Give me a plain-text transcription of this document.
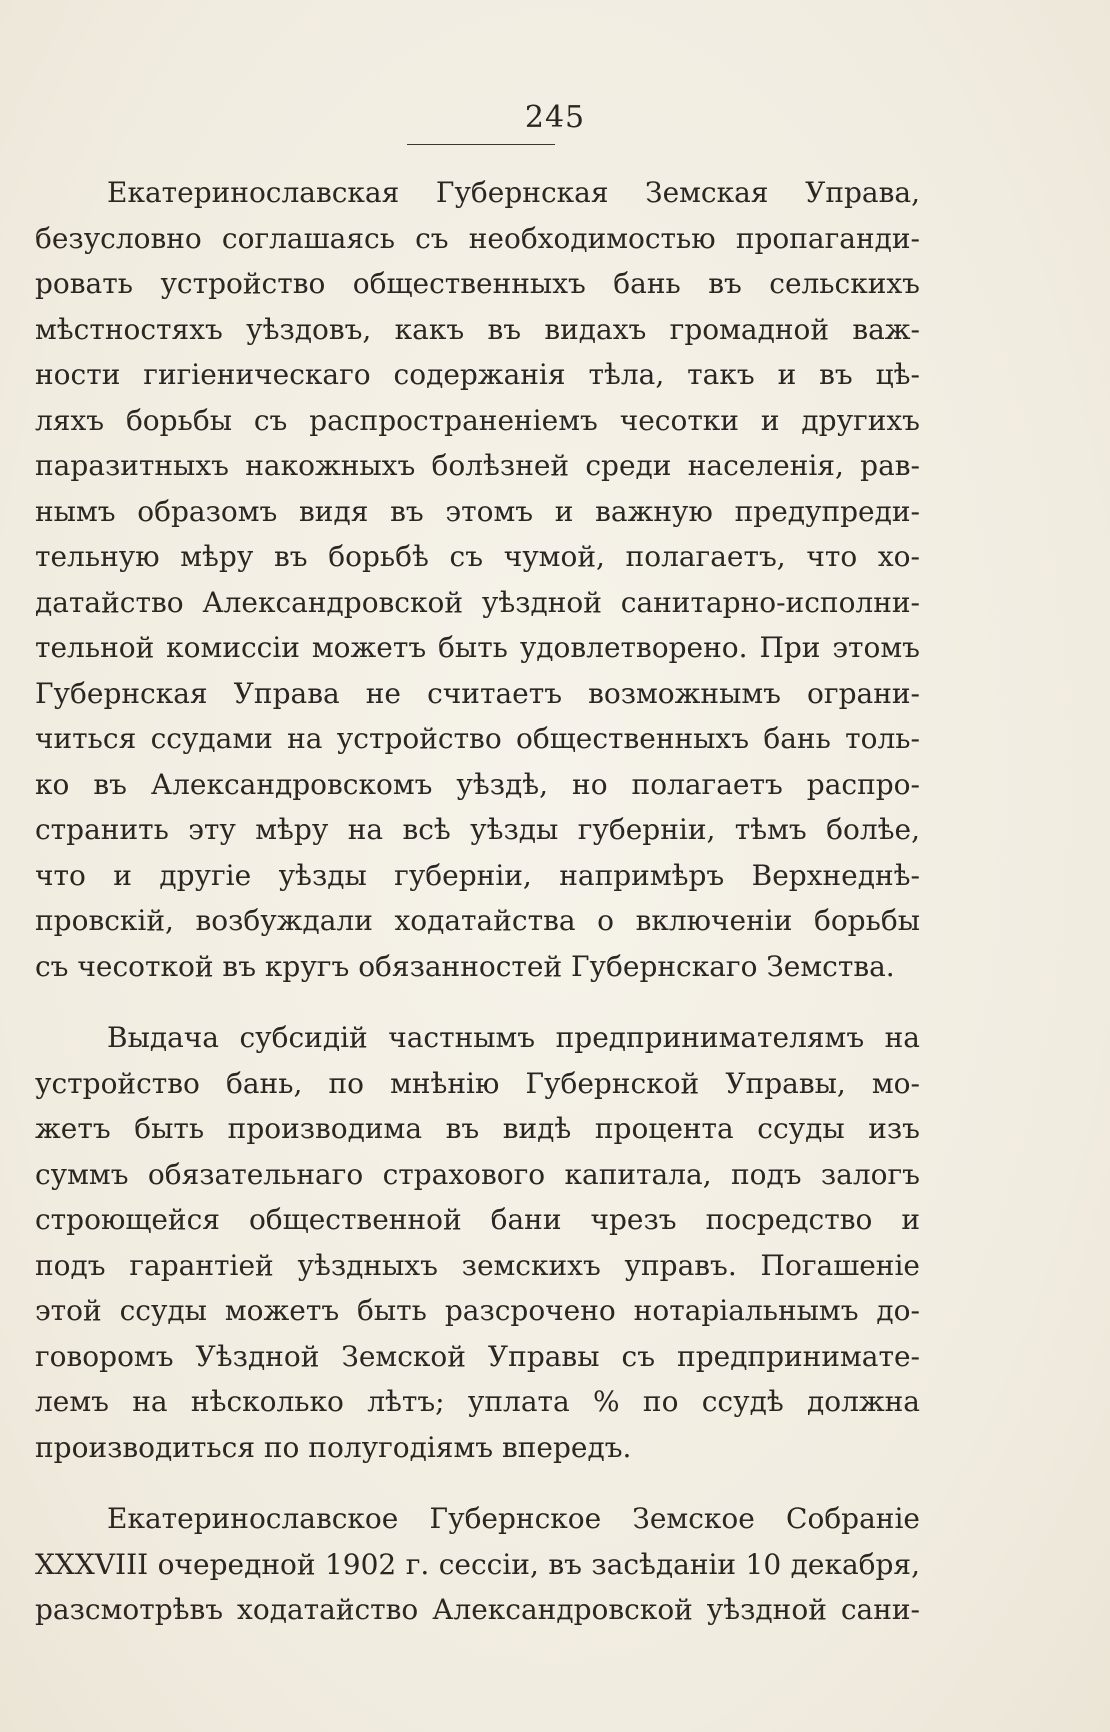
245

Екатеринославская Губернская Земская Управа,
безусловно соглашаясь съ необходимостью пропаганди-
ровать устройство общественныхъ бань въ сельскихъ
мѣстностяхъ уѣздовъ, какъ въ видахъ громадной важ-
ности гигіеническаго содержанія тѣла, такъ и въ цѣ-
ляхъ борьбы съ распространеніемъ чесотки и другихъ
паразитныхъ накожныхъ болѣзней среди населенія, рав-
нымъ образомъ видя въ этомъ и важную предупреди-
тельную мѣру въ борьбѣ съ чумой, полагаетъ, что хо-
датайство Александровской уѣздной санитарно-исполни-
тельной комиссіи можетъ быть удовлетворено. При этомъ
Губернская Управа не считаетъ возможнымъ ограни-
читься ссудами на устройство общественныхъ бань толь-
ко въ Александровскомъ уѣздѣ, но полагаетъ распро-
странить эту мѣру на всѣ уѣзды губерніи, тѣмъ болѣе,
что и другіе уѣзды губерніи, напримѣръ Верхнеднѣ-
провскій, возбуждали ходатайства о включеніи борьбы
съ чесоткой въ кругъ обязанностей Губернскаго Земства.

Выдача субсидій частнымъ предпринимателямъ на
устройство бань, по мнѣнію Губернской Управы, мо-
жетъ быть производима въ видѣ процента ссуды изъ
суммъ обязательнаго страхового капитала, подъ залогъ
строющейся общественной бани чрезъ посредство и
подъ гарантіей уѣздныхъ земскихъ управъ. Погашеніе
этой ссуды можетъ быть разсрочено нотаріальнымъ до-
говоромъ Уѣздной Земской Управы съ предпринимате-
лемъ на нѣсколько лѣтъ; уплата % по ссудѣ должна
производиться по полугодіямъ впередъ.

Екатеринославское Губернское Земское Собраніе
XXXVIII очередной 1902 г. сессіи, въ засѣданіи 10 декабря,
разсмотрѣвъ ходатайство Александровской уѣздной сани-
